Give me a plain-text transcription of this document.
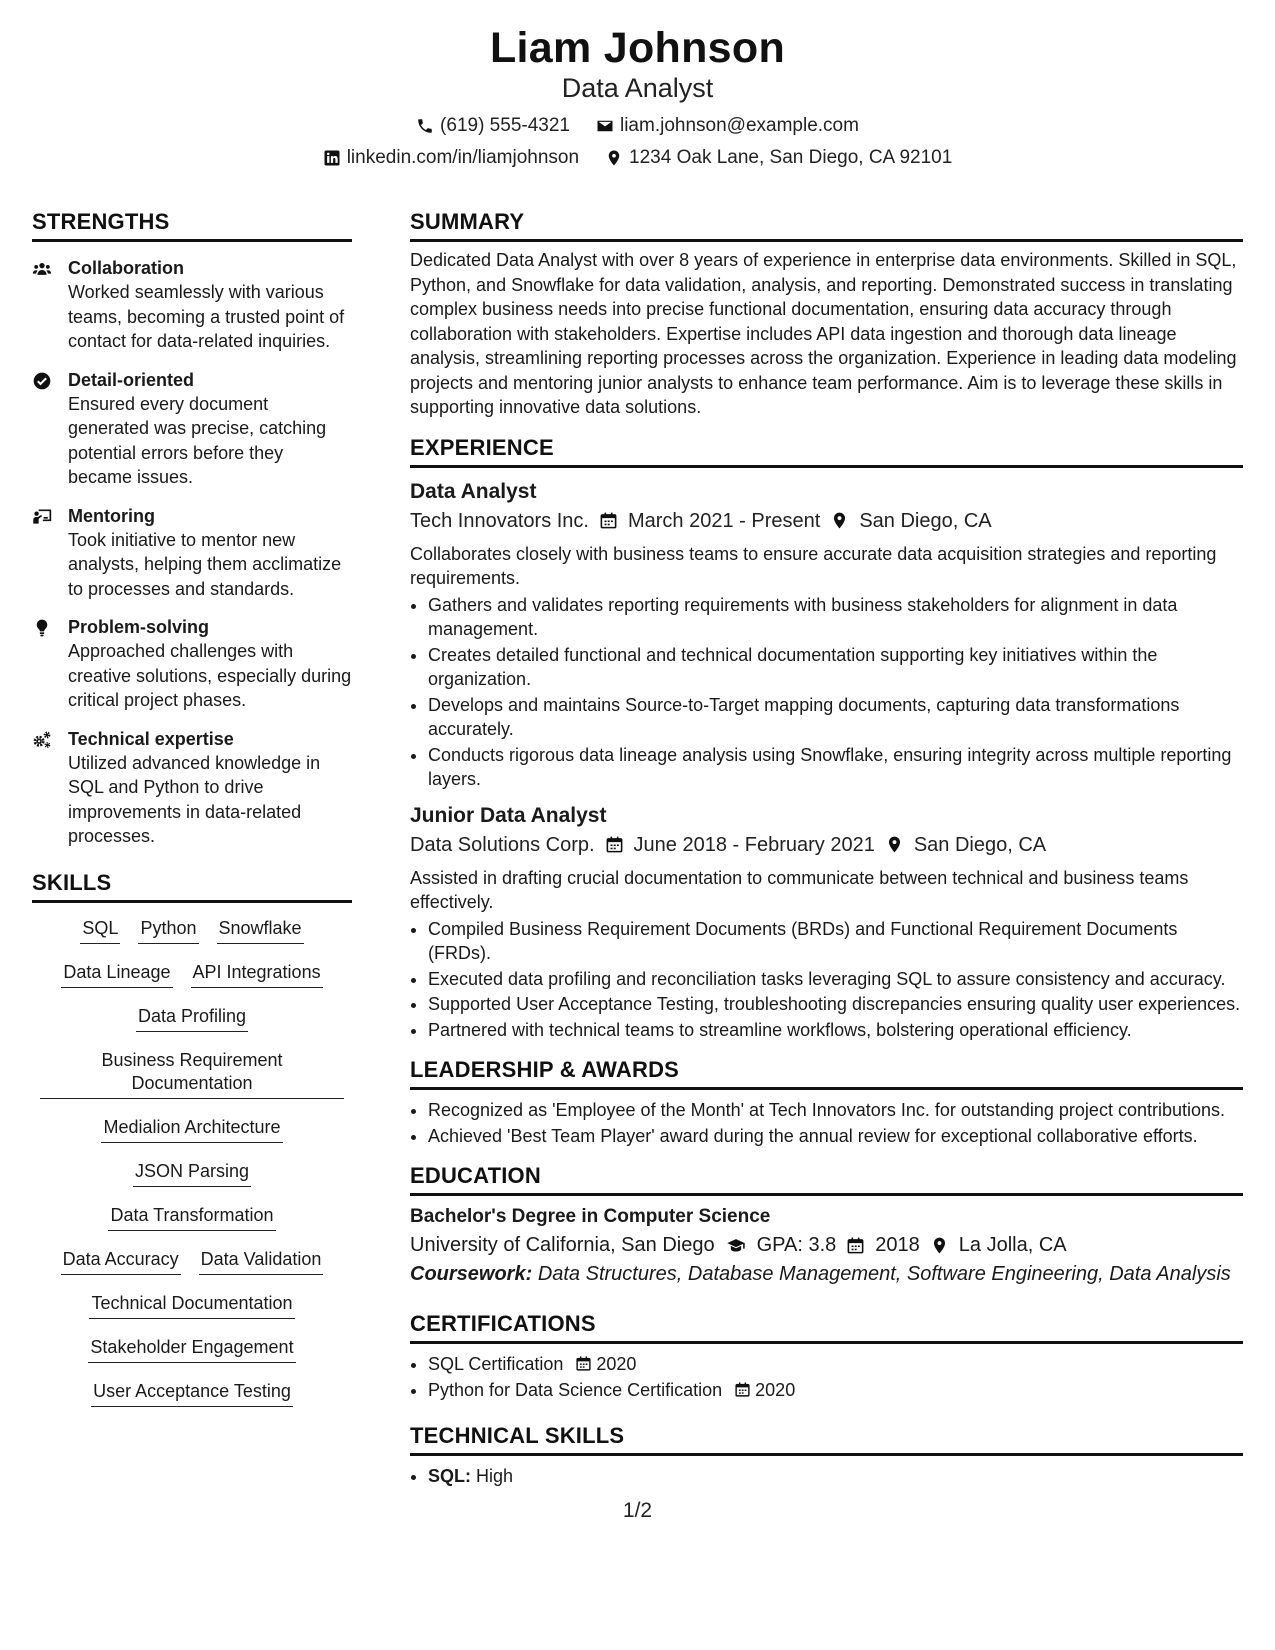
Liam Johnson
Data Analyst
(619) 555-4321	liam.johnson@example.com
linkedin.com/in/liamjohnson	1234 Oak Lane, San Diego, CA 92101
STRENGTHS
Collaboration
Worked seamlessly with various teams, becoming a trusted point of contact for data-related inquiries.
Detail-oriented
Ensured every document generated was precise, catching potential errors before they became issues.
Mentoring
Took initiative to mentor new analysts, helping them acclimatize to processes and standards.
Problem-solving
Approached challenges with creative solutions, especially during critical project phases.
Technical expertise
Utilized advanced knowledge in SQL and Python to drive improvements in data-related processes.
SKILLS
SQL Python Snowflake
Data Lineage API Integrations
Data Profiling
Business Requirement Documentation
Medialion Architecture
JSON Parsing
Data Transformation
Data Accuracy Data Validation
Technical Documentation
Stakeholder Engagement
User Acceptance Testing
SUMMARY
Dedicated Data Analyst with over 8 years of experience in enterprise data environments. Skilled in SQL, Python, and Snowflake for data validation, analysis, and reporting. Demonstrated success in translating complex business needs into precise functional documentation, ensuring data accuracy through collaboration with stakeholders. Expertise includes API data ingestion and thorough data lineage analysis, streamlining reporting processes across the organization. Experience in leading data modeling projects and mentoring junior analysts to enhance team performance. Aim is to leverage these skills in supporting innovative data solutions.
EXPERIENCE
Data Analyst
Tech Innovators Inc. March 2021 - Present San Diego, CA
Collaborates closely with business teams to ensure accurate data acquisition strategies and reporting requirements.
• Gathers and validates reporting requirements with business stakeholders for alignment in data management.
• Creates detailed functional and technical documentation supporting key initiatives within the organization.
• Develops and maintains Source-to-Target mapping documents, capturing data transformations accurately.
• Conducts rigorous data lineage analysis using Snowflake, ensuring integrity across multiple reporting layers.
Junior Data Analyst
Data Solutions Corp. June 2018 - February 2021 San Diego, CA
Assisted in drafting crucial documentation to communicate between technical and business teams effectively.
• Compiled Business Requirement Documents (BRDs) and Functional Requirement Documents (FRDs).
• Executed data profiling and reconciliation tasks leveraging SQL to assure consistency and accuracy.
• Supported User Acceptance Testing, troubleshooting discrepancies ensuring quality user experiences.
• Partnered with technical teams to streamline workflows, bolstering operational efficiency.
LEADERSHIP & AWARDS
• Recognized as 'Employee of the Month' at Tech Innovators Inc. for outstanding project contributions.
• Achieved 'Best Team Player' award during the annual review for exceptional collaborative efforts.
EDUCATION
Bachelor's Degree in Computer Science
University of California, San Diego GPA: 3.8 2018 La Jolla, CA
Coursework: Data Structures, Database Management, Software Engineering, Data Analysis
CERTIFICATIONS
• SQL Certification 2020
• Python for Data Science Certification 2020
TECHNICAL SKILLS
• SQL: High
1/2
